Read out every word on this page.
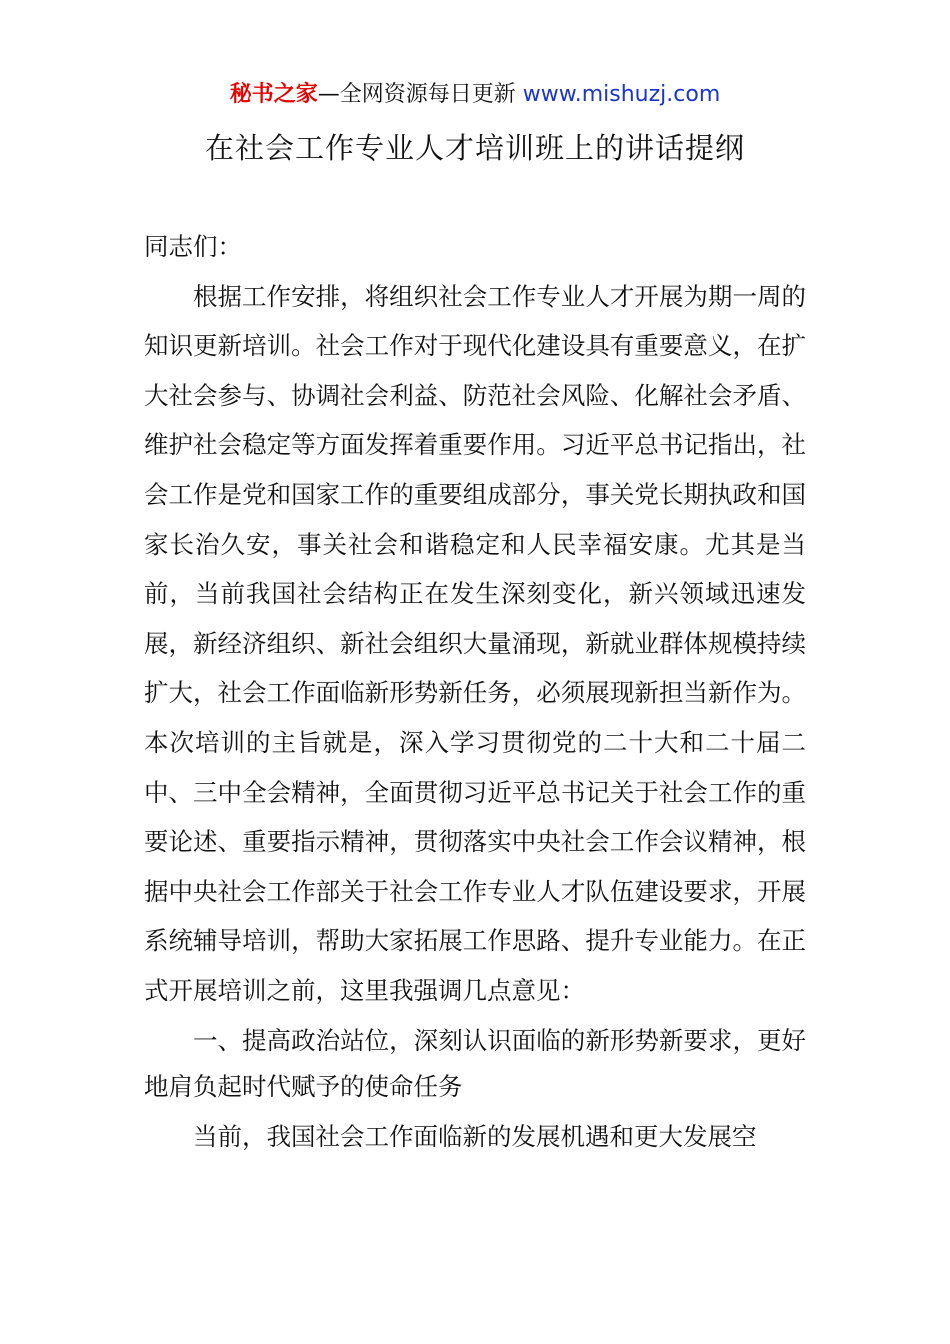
秘书之家—全网资源每日更新 www.mishuzj.com
在社会工作专业人才培训班上的讲话提纲

同志们：

根据工作安排，将组织社会工作专业人才开展为期一周的知识更新培训。社会工作对于现代化建设具有重要意义，在扩大社会参与、协调社会利益、防范社会风险、化解社会矛盾、维护社会稳定等方面发挥着重要作用。习近平总书记指出，社会工作是党和国家工作的重要组成部分，事关党长期执政和国家长治久安，事关社会和谐稳定和人民幸福安康。尤其是当前，当前我国社会结构正在发生深刻变化，新兴领域迅速发展，新经济组织、新社会组织大量涌现，新就业群体规模持续扩大，社会工作面临新形势新任务，必须展现新担当新作为。本次培训的主旨就是，深入学习贯彻党的二十大和二十届二中、三中全会精神，全面贯彻习近平总书记关于社会工作的重要论述、重要指示精神，贯彻落实中央社会工作会议精神，根据中央社会工作部关于社会工作专业人才队伍建设要求，开展系统辅导培训，帮助大家拓展工作思路、提升专业能力。在正式开展培训之前，这里我强调几点意见：

一、提高政治站位，深刻认识面临的新形势新要求，更好地肩负起时代赋予的使命任务

当前，我国社会工作面临新的发展机遇和更大发展空
